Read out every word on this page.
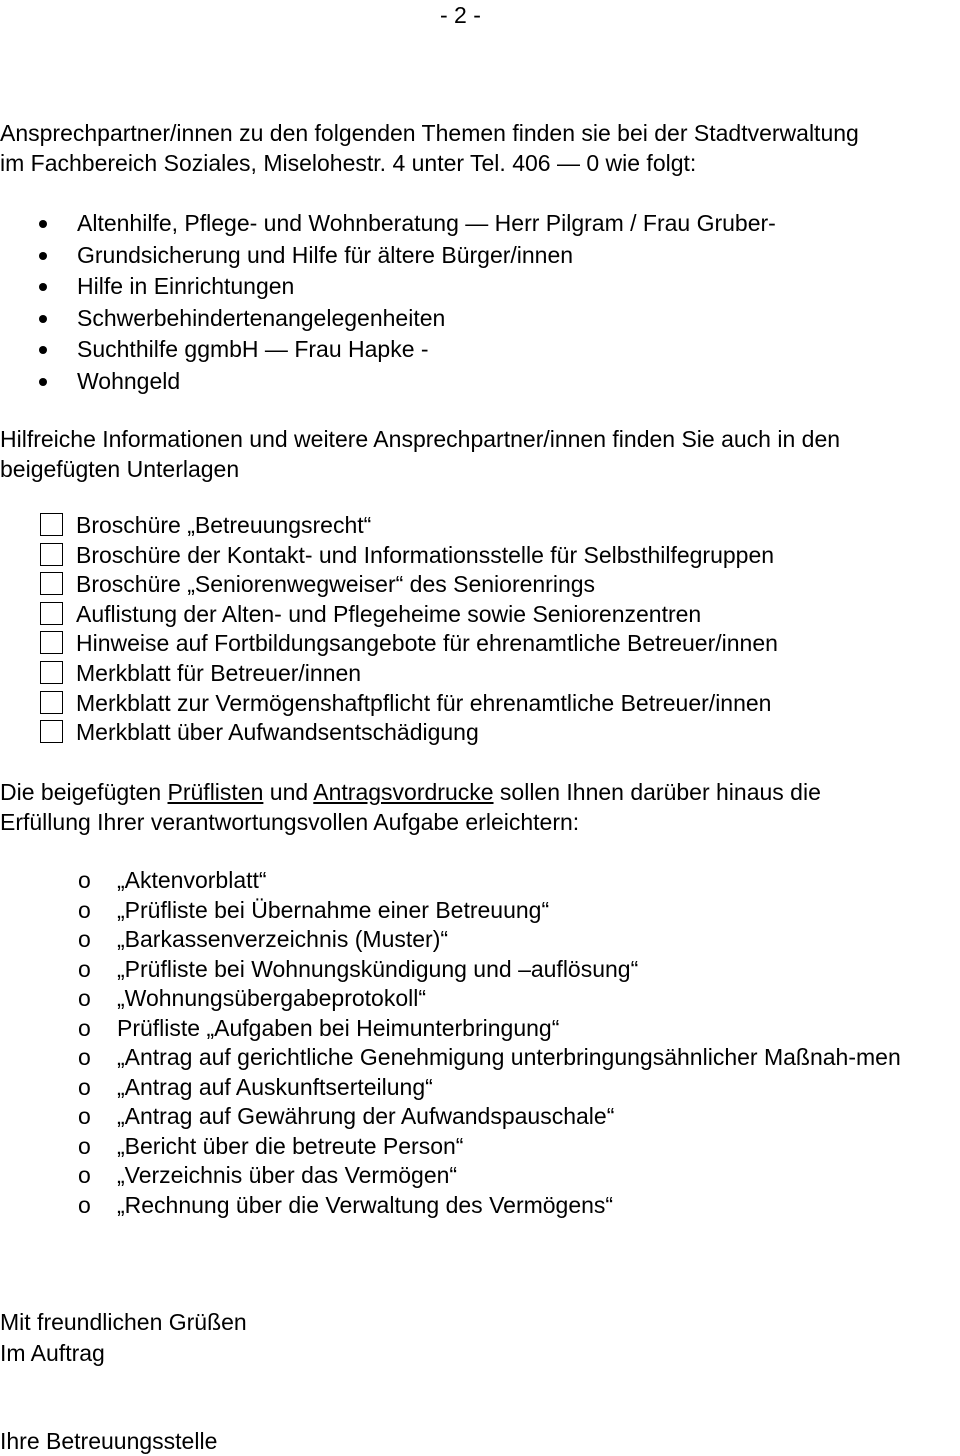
- 2 -

Ansprechpartner/innen zu den folgenden Themen finden sie bei der Stadtverwaltung

im Fachbereich Soziales, Miselohestr. 4 unter Tel. 406 — 0 wie folgt:

Altenhilfe, Pflege- und Wohnberatung — Herr Pilgram / Frau Gruber-
Grundsicherung und Hilfe für ältere Bürger/innen
Hilfe in Einrichtungen
Schwerbehindertenangelegenheiten
Suchthilfe ggmbH — Frau Hapke -
Wohngeld

Hilfreiche Informationen und weitere Ansprechpartner/innen finden Sie auch in den

beigefügten Unterlagen

Broschüre „Betreuungsrecht“
Broschüre der Kontakt- und Informationsstelle für Selbsthilfegruppen
Broschüre „Seniorenwegweiser“ des Seniorenrings
Auflistung der Alten- und Pflegeheime sowie Seniorenzentren
Hinweise auf Fortbildungsangebote für ehrenamtliche Betreuer/innen
Merkblatt für Betreuer/innen
Merkblatt zur Vermögenshaftpflicht für ehrenamtliche Betreuer/innen
Merkblatt über Aufwandsentschädigung

Die beigefügten Prüflisten und Antragsvordrucke sollen Ihnen darüber hinaus die

Erfüllung Ihrer verantwortungsvollen Aufgabe erleichtern:

o „Aktenvorblatt“
o „Prüfliste bei Übernahme einer Betreuung“
o „Barkassenverzeichnis (Muster)“
o „Prüfliste bei Wohnungskündigung und –auflösung“
o „Wohnungsübergabeprotokoll“
o Prüfliste „Aufgaben bei Heimunterbringung“
o „Antrag auf gerichtliche Genehmigung unterbringungsähnlicher Maßnah-men
o „Antrag auf Auskunftserteilung“
o „Antrag auf Gewährung der Aufwandspauschale“
o „Bericht über die betreute Person“
o „Verzeichnis über das Vermögen“
o „Rechnung über die Verwaltung des Vermögens“

Mit freundlichen Grüßen

Im Auftrag

Ihre Betreuungsstelle
